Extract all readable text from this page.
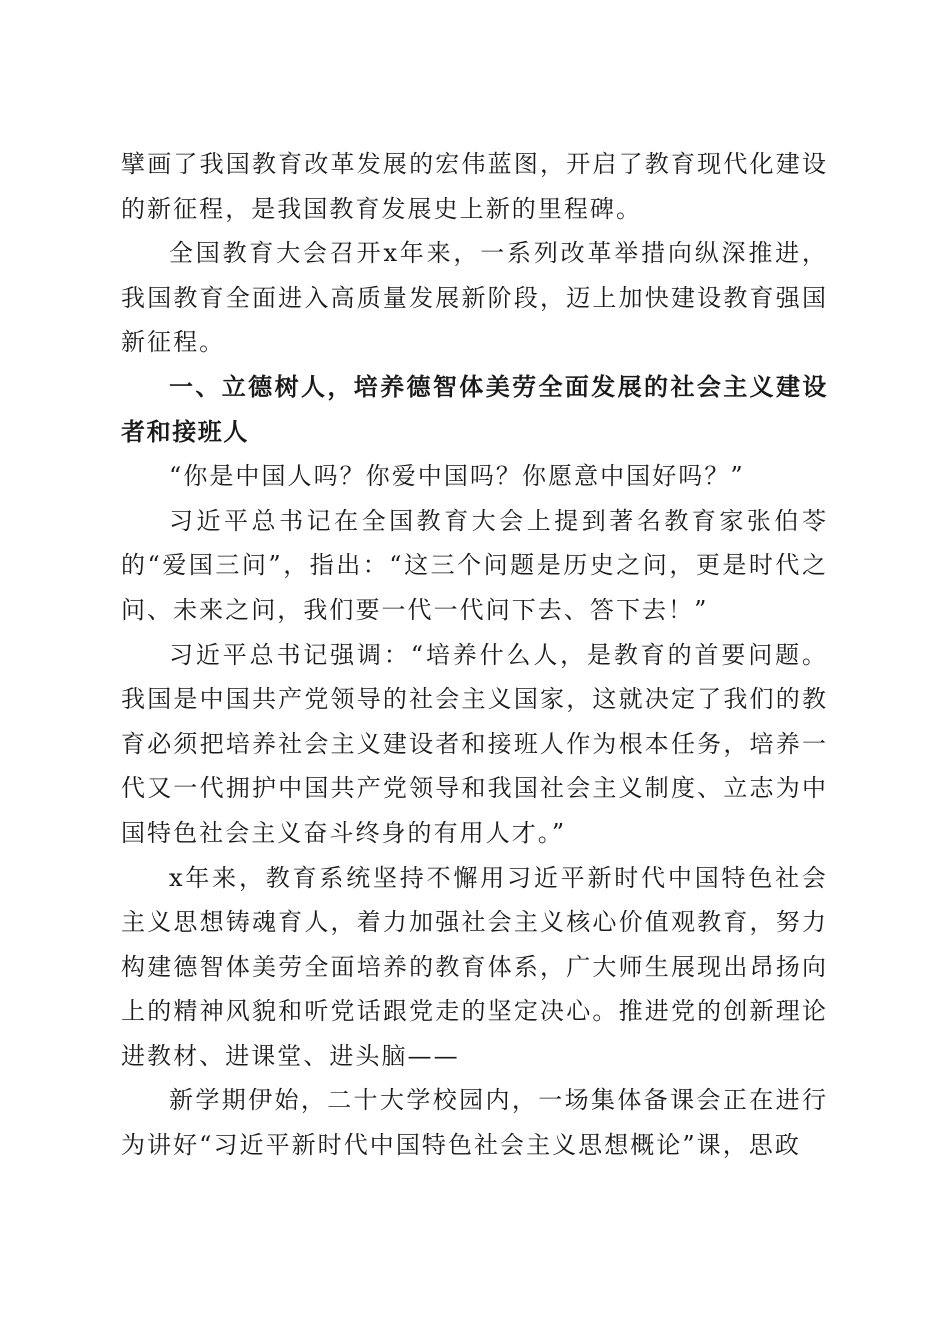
擘画了我国教育改革发展的宏伟蓝图，开启了教育现代化建设的新征程，是我国教育发展史上新的里程碑。

全国教育大会召开x年来，一系列改革举措向纵深推进，我国教育全面进入高质量发展新阶段，迈上加快建设教育强国新征程。

一、立德树人，培养德智体美劳全面发展的社会主义建设者和接班人

“你是中国人吗？你爱中国吗？你愿意中国好吗？”

习近平总书记在全国教育大会上提到著名教育家张伯苓的“爱国三问”，指出：“这三个问题是历史之问，更是时代之问、未来之问，我们要一代一代问下去、答下去！”

习近平总书记强调：“培养什么人，是教育的首要问题。我国是中国共产党领导的社会主义国家，这就决定了我们的教育必须把培养社会主义建设者和接班人作为根本任务，培养一代又一代拥护中国共产党领导和我国社会主义制度、立志为中国特色社会主义奋斗终身的有用人才。”

x年来，教育系统坚持不懈用习近平新时代中国特色社会主义思想铸魂育人，着力加强社会主义核心价值观教育，努力构建德智体美劳全面培养的教育体系，广大师生展现出昂扬向上的精神风貌和听党话跟党走的坚定决心。推进党的创新理论进教材、进课堂、进头脑——

新学期伊始，二十大学校园内，一场集体备课会正在进行为讲好“习近平新时代中国特色社会主义思想概论”课，思政
